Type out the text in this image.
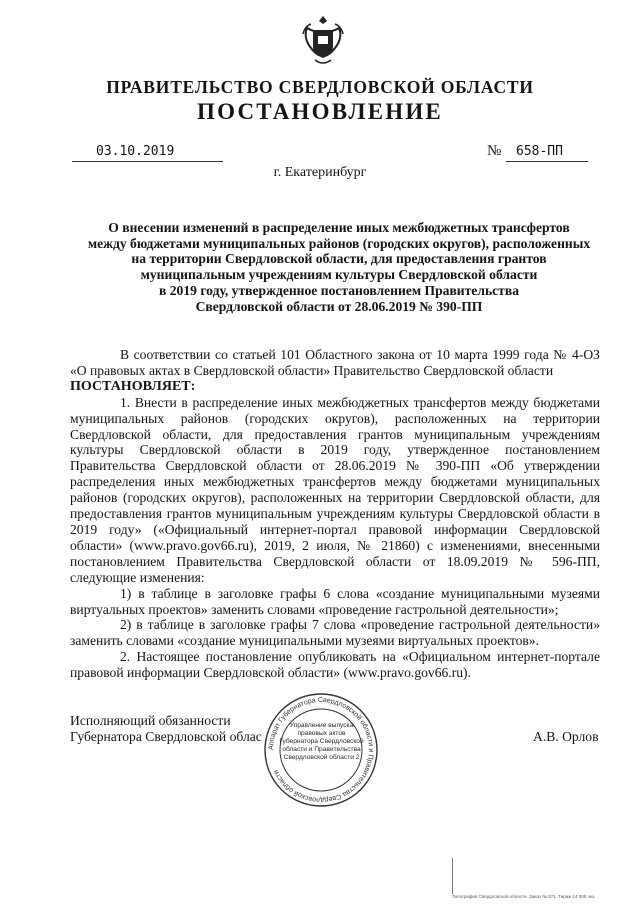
ПРАВИТЕЛЬСТВО СВЕРДЛОВСКОЙ ОБЛАСТИ
ПОСТАНОВЛЕНИЕ
03.10.2019	№ 658-ПП
г. Екатеринбург
О внесении изменений в распределение иных межбюджетных трансфертов
между бюджетами муниципальных районов (городских округов), расположенных
на территории Свердловской области, для предоставления грантов
муниципальным учреждениям культуры Свердловской области
в 2019 году, утвержденное постановлением Правительства
Свердловской области от 28.06.2019 № 390-ПП

В соответствии со статьей 101 Областного закона от 10 марта 1999 года № 4-ОЗ «О правовых актах в Свердловской области» Правительство Свердловской области

ПОСТАНОВЛЯЕТ:

1. Внести в распределение иных межбюджетных трансфертов между бюджетами муниципальных районов (городских округов), расположенных на территории Свердловской области, для предоставления грантов муниципальным учреждениям культуры Свердловской области в 2019 году, утвержденное постановлением Правительства Свердловской области от 28.06.2019 № 390-ПП «Об утверждении распределения иных межбюджетных трансфертов между бюджетами муниципальных районов (городских округов), расположенных на территории Свердловской области, для предоставления грантов муниципальным учреждениям культуры Свердловской области в 2019 году» («Официальный интернет-портал правовой информации Свердловской области» (www.pravo.gov66.ru), 2019, 2 июля, № 21860) с изменениями, внесенными постановлением Правительства Свердловской области от 18.09.2019 № 596-ПП, следующие изменения:

1) в таблице в заголовке графы 6 слова «создание муниципальными музеями виртуальных проектов» заменить словами «проведение гастрольной деятельности»;

2) в таблице в заголовке графы 7 слова «проведение гастрольной деятельности» заменить словами «создание муниципальными музеями виртуальных проектов».

2. Настоящее постановление опубликовать на «Официальном интернет-портале правовой информации Свердловской области» (www.pravo.gov66.ru).

Исполняющий обязанности
Губернатора Свердловской облас	А.В. Орлов
Аппарат Губернатора Свердловской области и Правительства Свердловской области
Управление выпуска правовых актов Губернатора Свердловской области и Правительства Свердловской области 2
Типография Свердловской области. Заказ № 571. Тираж 14 000 экз.
